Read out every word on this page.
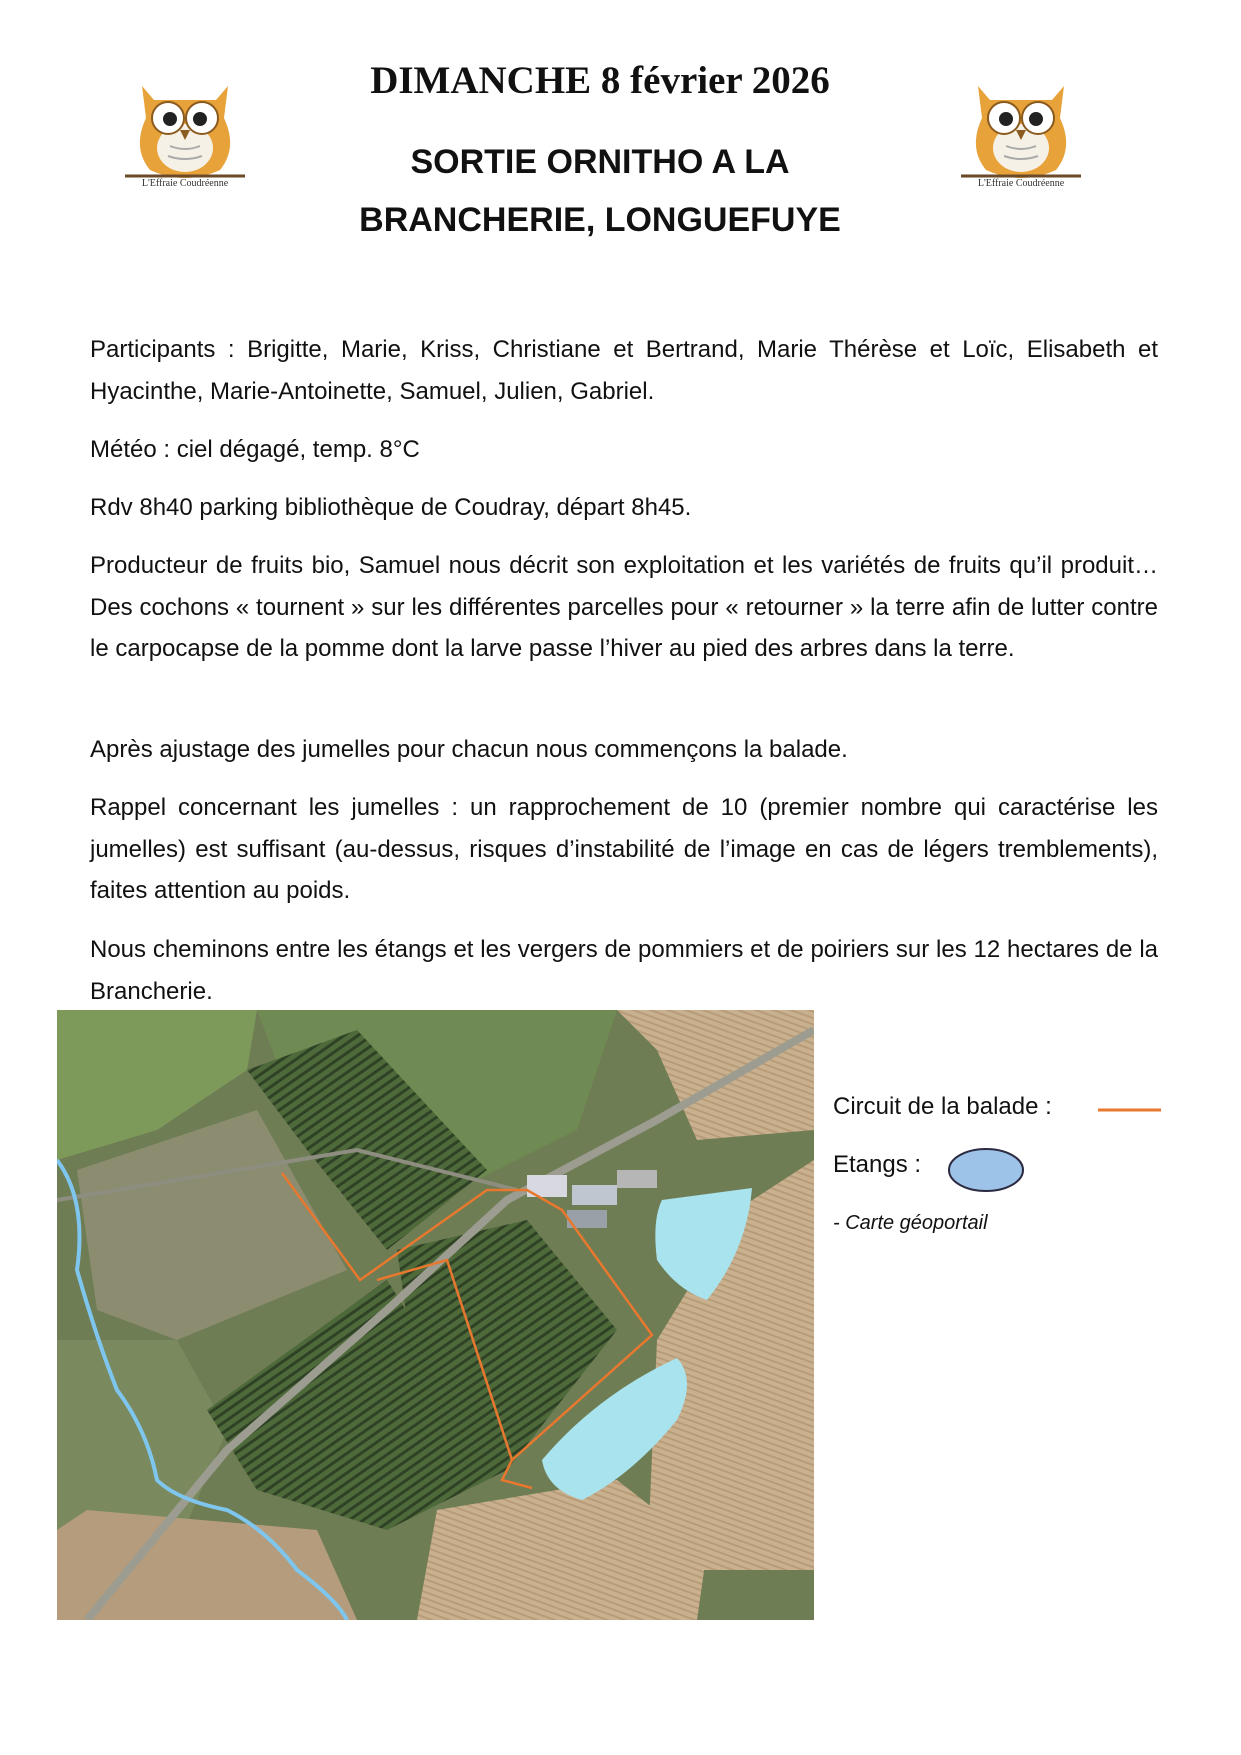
L'Effraie Coudréenne	L'Effraie Coudréenne
DIMANCHE 8 février 2026
SORTIE ORNITHO A LA
BRANCHERIE, LONGUEFUYE

Participants : Brigitte, Marie, Kriss, Christiane et Bertrand, Marie Thérèse et Loïc, Elisabeth et Hyacinthe, Marie-Antoinette, Samuel, Julien, Gabriel.

Météo : ciel dégagé, temp. 8°C

Rdv 8h40 parking bibliothèque de Coudray, départ 8h45.

Producteur de fruits bio, Samuel nous décrit son exploitation et les variétés de fruits qu’il produit… Des cochons « tournent » sur les différentes parcelles pour « retourner » la terre afin de lutter contre le carpocapse de la pomme dont la larve passe l’hiver au pied des arbres dans la terre.

Après ajustage des jumelles pour chacun nous commençons la balade.

Rappel concernant les jumelles : un rapprochement de 10 (premier nombre qui caractérise les jumelles) est suffisant (au-dessus, risques d’instabilité de l’image en cas de légers tremblements), faites attention au poids.

Nous cheminons entre les étangs et les vergers de pommiers et de poiriers sur les 12 hectares de la Brancherie.

Circuit de la balade :
Etangs :
- Carte géoportail
